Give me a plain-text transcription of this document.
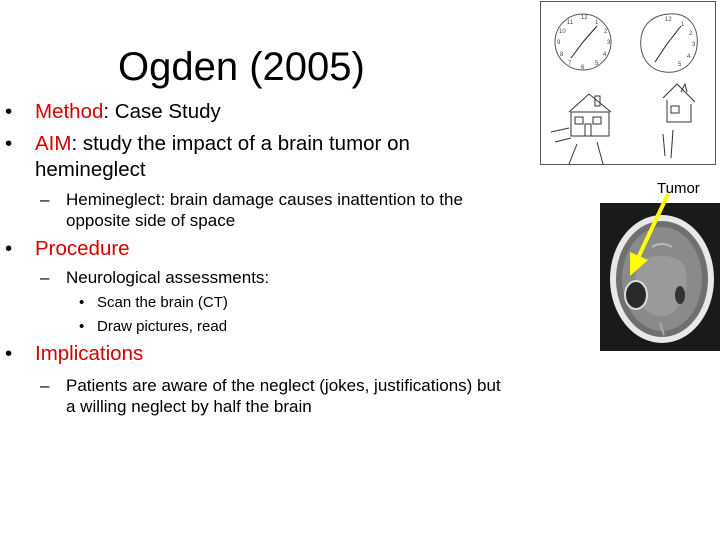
Ogden (2005)
• Method: Case Study
• AIM: study the impact of a brain tumor on
hemineglect
– Hemineglect: brain damage causes inattention to the
opposite side of space
• Procedure
– Neurological assessments:
• Scan the brain (CT)
• Draw pictures, read
• Implications
– Patients are aware of the neglect (jokes, justifications) but
a willing neglect by half the brain
12
1
2
3
4
5
6
7
8
9
10
11	12
1
2
3
4
5
Tumor
